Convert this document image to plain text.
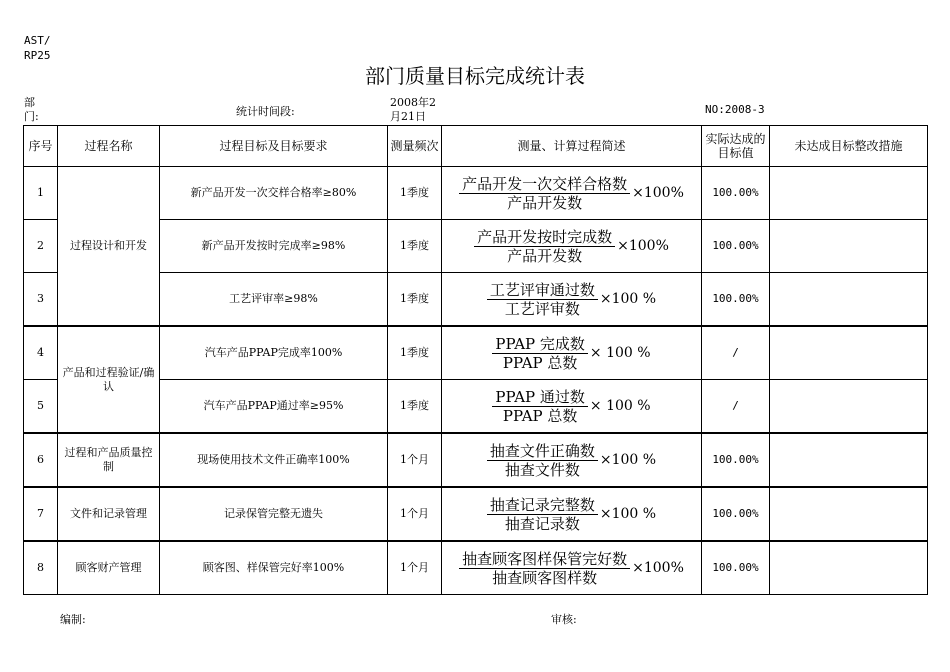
AST/
RP25
部门质量目标完成统计表
部门:	统计时间段:
2008年2月21日
NO:2008-3
序号	过程名称	过程目标及目标要求	测量频次	测量、计算过程简述	实际达成的目标值	未达成目标整改措施
1	过程设计和开发	新产品开发一次交样合格率≥80%	1季度	$\frac{\text{产品开发一次交样合格数}}{\text{产品开发数}} \times 100\%$	100.00%	
2		新产品开发按时完成率≥98%	1季度	$\frac{\text{产品开发按时完成数}}{\text{产品开发数}} \times 100\%$	100.00%	
3		工艺评审率≥98%	1季度	$\frac{\text{工艺评审通过数}}{\text{工艺评审数}} \times 100$ %	100.00%	
4	产品和过程验证/确认	汽车产品PPAP完成率100%	1季度	$\frac{\text{PPAP 完成数}}{\text{PPAP 总数}} \times 100$ %	/	
5		汽车产品PPAP通过率≥95%	1季度	$\frac{\text{PPAP 通过数}}{\text{PPAP 总数}} \times 100$ %	/	
6	过程和产品质量控制	现场使用技术文件正确率100%	1个月	$\frac{\text{抽查文件正确数}}{\text{抽查文件数}} \times 100$ %	100.00%	
7	文件和记录管理	记录保管完整无遗失	1个月	$\frac{\text{抽查记录完整数}}{\text{抽查记录数}} \times 100$ %	100.00%	
8	顾客财产管理	顾客图、样保管完好率100%	1个月	$\frac{\text{抽查顾客图样保管完好数}}{\text{抽查顾客图样数}} \times 100\%$	100.00%	
编制:	审核:
